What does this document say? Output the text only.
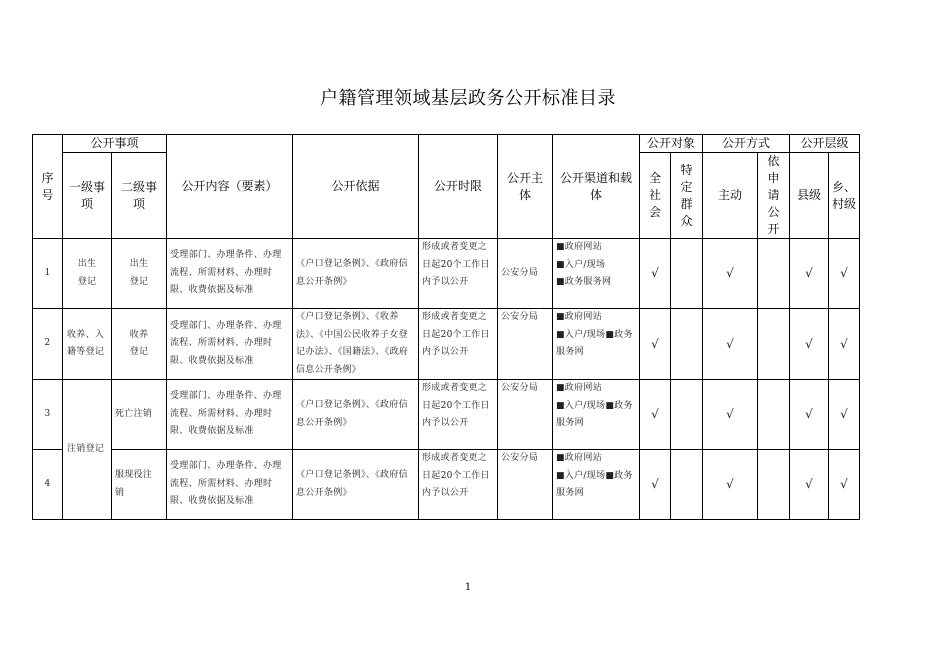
户籍管理领域基层政务公开标准目录
序号	公开事项		公开内容（要素）	公开依据	公开时限	公开主体	公开渠道和载体	公开对象		公开方式		公开层级	

	一级事项	二级事项						全社会	特定群众	主动	依申请公开	县级	乡、村级

1	出生登记	出生登记	受理部门、办理条件、办理流程、所需材料、办理时限、收费依据及标准	《户口登记条例》、《政府信息公开条例》	形成或者变更之日起20个工作日内予以公开	公安分局	■政府网站
■入户/现场
■政务服务网	√		√		√	√
2	收养、入籍等登记	收养登记	受理部门、办理条件、办理流程、所需材料、办理时限、收费依据及标准	《户口登记条例》、《收养法》、《中国公民收养子女登记办法》、《国籍法》、《政府信息公开条例》	形成或者变更之日起20个工作日内予以公开	公安分局	■政府网站
■入户/现场■政务服务网	√		√		√	√
3	注销登记	死亡注销	受理部门、办理条件、办理流程、所需材料、办理时限、收费依据及标准	《户口登记条例》、《政府信息公开条例》	形成或者变更之日起20个工作日内予以公开	公安分局	■政府网站
■入户/现场■政务服务网	√		√		√	√
4		服现役注销	受理部门、办理条件、办理流程、所需材料、办理时限、收费依据及标准	《户口登记条例》、《政府信息公开条例》	形成或者变更之日起20个工作日内予以公开	公安分局	■政府网站
■入户/现场■政务服务网	√		√		√	√
1
